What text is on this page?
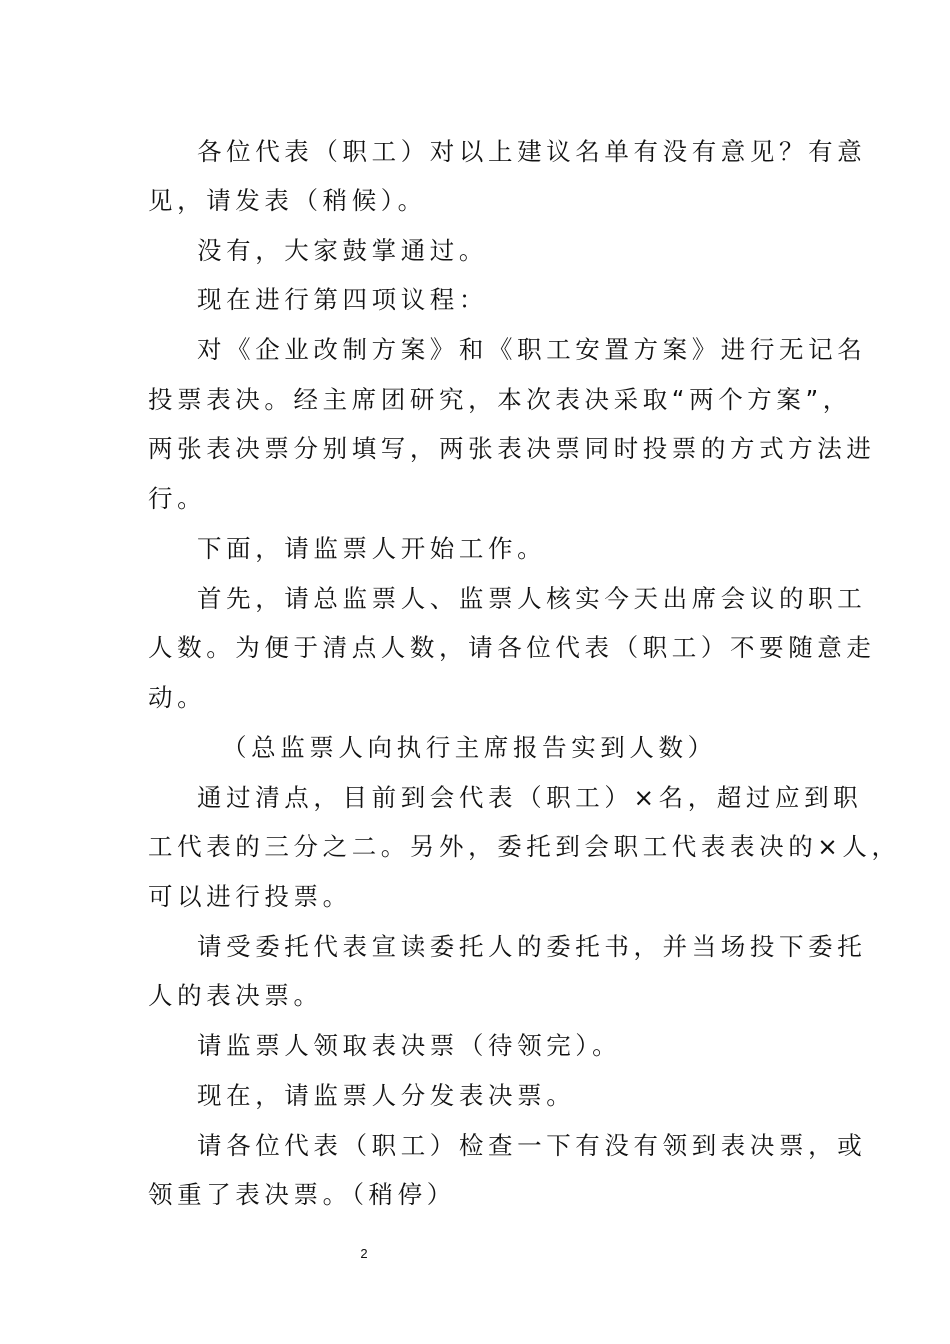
各位代表（职工）对以上建议名单有没有意见？有意
见，请发表（稍候）。
没有，大家鼓掌通过。
现在进行第四项议程：
对《企业改制方案》和《职工安置方案》进行无记名
投票表决。经主席团研究，本次表决采取“两个方案”，
两张表决票分别填写，两张表决票同时投票的方式方法进
行。
下面，请监票人开始工作。
首先，请总监票人、监票人核实今天出席会议的职工
人数。为便于清点人数，请各位代表（职工）不要随意走
动。
（总监票人向执行主席报告实到人数）
通过清点，目前到会代表（职工）×名，超过应到职
工代表的三分之二。另外，委托到会职工代表表决的×人，
可以进行投票。
请受委托代表宣读委托人的委托书，并当场投下委托
人的表决票。
请监票人领取表决票（待领完）。
现在，请监票人分发表决票。
请各位代表（职工）检查一下有没有领到表决票，或
领重了表决票。（稍停）
2
